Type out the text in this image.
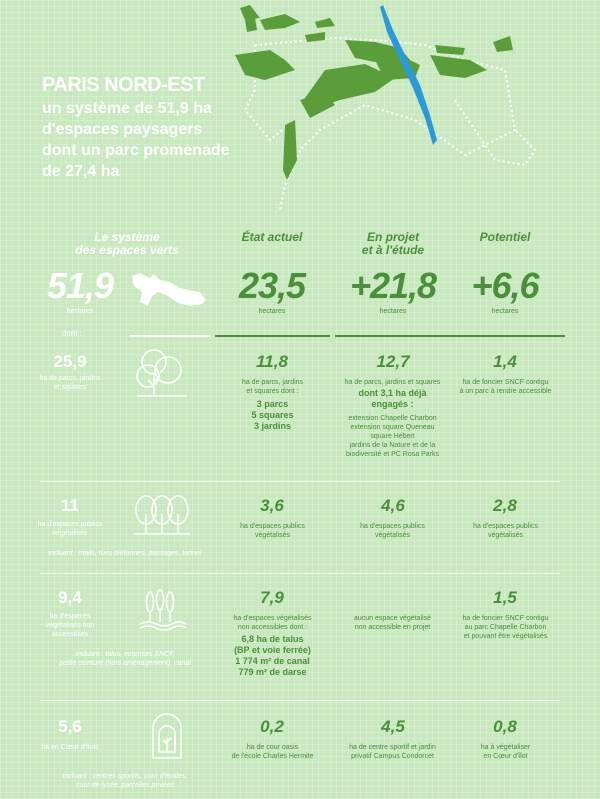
PARIS NORD-EST
un système de 51,9 ha
d'espaces paysagers
dont un parc promenade
de 27,4 ha
Le système
des espaces verts
État actuel	En projet
et à l'étude
Potentiel
51,9
hectares
dont :
23,5
hectares
+21,8
hectares
+6,6
hectares
25,9
ha de parcs, jardins
et squares
11,8
ha de parcs, jardins
et squares dont :
3 parcs
5 squares
3 jardins
12,7
ha de parcs, jardins et squares
dont 3,1 ha déjà
engagés :
extension Chapelle Charbon
extension square Queneau
square Hébert
jardins de la Nature et de la
biodiversité et PC Rosa Parks
1,4
ha de foncier SNCF contigu
à un parc à rendre accessible
11
ha d'espaces publics
végétalisés
incluant : mails, rues piétonnes, passages, tunnel
3,6
ha d'espaces publics
végétalisés
4,6
ha d'espaces publics
végétalisés
2,8
ha d'espaces publics
végétalisés
9,4
ha d'espaces
végétalisés non
accessibles
incluant : talus, emprises SNCF,
petite ceinture (hors aménagement), canal
7,9
ha d'espaces végétalisés
non accessibles dont :
6,8 ha de talus
(BP et voie ferrée)
1 774 m² de canal
779 m² de darse
aucun espace végétalisé
non accessible en projet
1,5
ha de foncier SNCF contigu
au parc Chapelle Charbon
et pouvant être végétalisés
5,6
ha en Cœur d'îlots
incluant : centres sportifs, cour d'écoles,
cour de lycée, parcelles privées
0,2
ha de cour oasis
de l'école Charles Hermite
4,5
ha de centre sportif et jardin
privatif Campus Condorcet
0,8
ha à végétaliser
en Cœur d'îlot
